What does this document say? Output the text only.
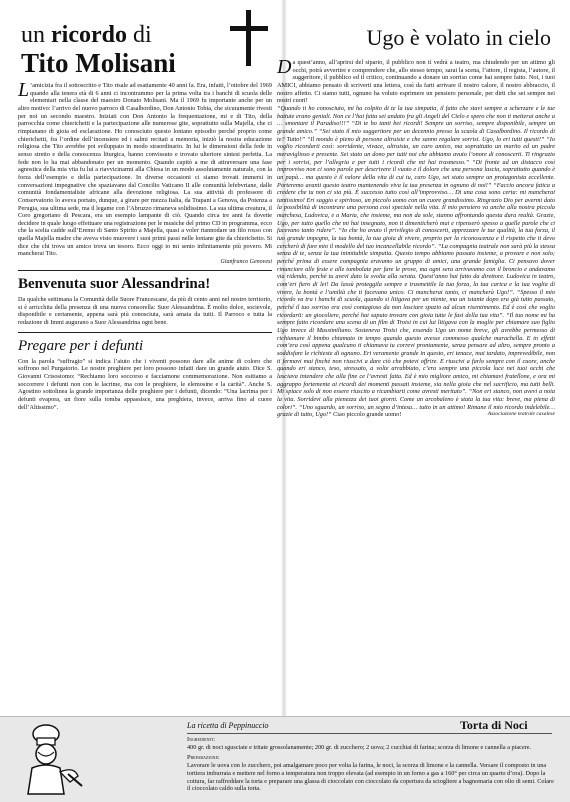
un ricordo di
Tito Molisani

L ’amicizia fra il sottoscritto e Tito risale ad esattamente 40 anni fa. Era, infatti, l’ottobre del 1969 quando alla tenera età di 6 anni ci incontrammo per la prima volta tra i banchi di scuola delle elementari nella classe del maestro Donato Molisani. Ma il 1969 fu importante anche per un altro motivo: l’arrivo del nuovo parroco di Casalbordino, Don Antonio Tobia, che sicuramente rivesti per noi un secondo maestro. Iniziati con Don Antonio la frequentazione, mi e di Tito, della parrocchia come chierichetti e la partecipazione alle numerose gite, soprattutto sulla Majella, che ci rimpianano di gioia ed esclarazione. Ho conosciuto questo lontano episodio perché proprio come chierichetti, fra l’ordine dell’incensiere ed i salmi recitati a memoria, iniziò la nostra educazione religiosa che Tito avrebbe poi sviluppato in modo straordinario. In lui le dimensioni della fede in senso stretto e della conoscenza liturgica, hanno convissuto e trovato ulteriore sintesi perfetta. La fede non lo ha mai abbandonato per un momento. Quando capitò a me di attraversare una fase agnostica della mia vita fu lui a riavvicinarmi alla Chiesa in un modo assolutamente naturale, con la forza dell’esempio e della partecipazione. In diverse occasioni ci siamo trovati immersi in conversazioni impegnative che spaziavano dal Concilio Vaticano II alle comunità lefebvriane, dalle comunità fondamentaliste africane alla devozione religiosa. La sua attività di professore di Conservatorio lo aveva portato, dunque, a girare per mezza Italia, da Trapani a Genova, da Potenza a Perugia, sua ultima sede, ma il legame con l’Abruzzo rimaneva solidissimo. La sua ultima creatura, il Coro gregoriano di Pescara, era un esempio lampante di ciò. Quando circa tre anni fa dovette decidere in quale luogo effettuare una registrazione per le musiche del primo CD in programma, ecco che la scelta cadde sull’Eremo di Santo Spirito a Majella, quasi a voler riannodare un filo rosso con quella Majella madre che aveva visto muovere i suoi primi passi nelle lontane gite da chierichetto. Si dice che chi trova un amico trova un tesoro. Ecco oggi io mi sento infinitamente più povero. Mi mancherai Tito.

Gianfranco Genovesi
Benvenuta suor Alessandrina!

Da qualche settimana la Comunità delle Suore Francescane, da più di cento anni nel nostro territorio, si è arricchita della presenza di una nuova consorella: Suor Alessandrina. È molto dolce, socievole, disponibile e certamente, appena sarà più conosciuta, sarà amata da tutti. Il Parroco e tutta la redazione di Immi augurano a Suor Alessandrina ogni bene.

Pregare per i defunti

Con la parola “suffragio” si indica l’aiuto che i viventi possono dare alle anime di coloro che soffrono nel Purgatorio. Le nostre preghiere per loro possono infatti dare un grande aiuto. Dice S. Giovanni Crisostomo: “Rechiamo loro soccorso e facciamone commemorazione. Non esitiamo a soccorrere i defunti non con le lacrime, ma con le preghiere, le elemosine e la carità”. Anche S. Agostino sottolinea la grande importanza delle preghiere per i defunti, dicendo: “Una lacrima per i defunti evapora, un fiore sulla tomba appassisce, una preghiera, invece, arriva fino al cuore dell’Altissimo”.

Ugo è volato in cielo

Da quest’anno, all’aprirsi del sipario, il pubblico non ti vedrà a teatro, ma chiudendo per un attimo gli occhi, potrà avvertire e comprendere che, allo stesso tempo, sarai la scena, l’attore, il regista, l’autore, il suggeritore, il pubblico ed il critico, continuando a donare un sorriso come hai sempre fatto. Noi, i tuoi AMICI, abbiamo pensato di scriverti una lettera, così da farti arrivare il nostro calore, il nostro abbraccio, il nostro affetto. Ci siamo tutti, ognuno ha voluto esprimere un pensiero personale, per dirti che sei sempre nei nostri cuori!

“Quando ti ho conosciuto, mi ha colpito di te la tua simpatia, il fatto che stavi sempre a scherzare e le tue battute erano geniali. Non ce l’hai fatta sei andato fra gli Angeli del Cielo e spero che non ti metterai anche a … smontare il Paradiso!!!” “Di te ho tanti bei ricordi! Sempre un sorriso, sempre disponibile, sempre un grande amico.” “Sei stato il mio suggeritore per un decennio presso la scuola di Casalbordino. Il ricordo di te? Tutto!” “Il mondo è pieno di persone altruiste e che sanno regalare sorrisi. Ugo, lo eri tutti questi!” “Io voglio ricordarti così: sorridente, vivace, altruista, un caro amico, ma soprattutto un marito ed un padre meraviglioso e presente. Sei stato un dono per tutti noi che abbiamo avuto l’onore di conoscerti. Ti ringrazio per i sorrisi, per l’allegria e per tutti i ricordi che mi hai trasmesso.” “Di fronte ad un distacco così improvviso non ci sono parole per descrivere il vuoto e il dolore che una persona lascia, soprattutto quando è un papà… ma questo è il valore della vita di cui tu, caro Ugo, sei stato sempre un protagonista eccellente. Porteremo avanti questo teatro mantenendo viva la tua presenza in ognuno di noi!” “Faccio ancora fatica a credere che tu non ci sia più. È successo tutto così all’improvviso… Di una cosa sono certa: mi mancherai tantissimo! Eri saggio e spiritoso, un piccolo uomo con un cuore grandissimo. Ringrazio Dio per avermi dato la possibilità di incontrare una persona così speciale nella vita. Il mio pensiero va anche alla nostra piccola marchesa, Ludovica, e a Maria, che insieme, ma non da sole, stanno affrontando questa dura realtà. Grazie, Ugo, per tutto quello che mi hai insegnato, non ti dimenticherò mai e ripenserò spesso a quelle parole che ci facevano tanto ridere”. “Io che ho avuto il privilegio di conoscerti, apprezzare le tue qualità, la tua forza, il tuo grande impegno, la tua bontà, la tua gioia di vivere, proprio per la riconoscenza e il rispetto che ti devo cercherò di fare mio il modello del tuo incancellabile ricordo”. “La compagnia teatrale non sarà più la stessa senza di te, senza la tua inimitabile simpatia. Questo tempo abbiamo passato insieme, a provare e non solo; perché prima di essere compagnia eravamo un gruppo di amici, una grande famiglia. Ci pensavo dover rinunciare alle feste e alle tombolate per fare le prove, ma ogni sera arrivavamo con il broncio e andavamo via ridendo, perché tu avevi dato la svolta alla serata. Quest’anno hai fatto da direttore. Ludovica in teatro, com’eri fiero di lei! Da lassù proteggila sempre e trasmettile la tua forza, la tua carica e la tua voglia di vivere, la bontà e l’umiltà che ti facevano unico. Ci mancherai tanto, ci mancherà Ugo!”. “Spesso il mio ricordo va tra i banchi di scuola, quando si litigava per un niente, ma un istante dopo era già tutto passato, perché il tuo sorriso era così contagioso da non lasciare spazio ad alcun risentimento. Ed è così che voglio ricordarti: un giocoliere, perché hai saputo trovare con gioia tutte le fasi della tua vita”. “Il tuo nome mi ha sempre fatto ricordare una scena di un film di Troisi in cui lui litigava con la moglie per chiamare suo figlio Ugo invece di Massimiliano. Sosteneva Troisi che, essendo Ugo un nome breve, gli avrebbe permesso di richiamare il bimbo chiamato in tempo quando questo avesse commesso qualche marachella. E in effetti com’era così appena qualcuno ti chiamava tu correvi prontamente, senza pensare ad altro, sempre pronto a soddisfare le richieste di ognuno. Eri veramente grande in questo, eri tenace, mai tardato, imprevedibile, non ti fermavi mai finché non riuscivi a dare ciò che potevi offrire. E riuscivi a farlo sempre con il cuore, anche quando eri stanco, teso, stressato, a volte arrabbiato, c’era sempre una piccola luce nei tuoi occhi che lasciava intendere che alla fine ce l’avresti fatta. Ed è mio migliore amico, mi chiamavi fratellone, e ora mi aggrappo fortemente ai ricordi dei momenti passati insieme, sia nella gioia che nel sacrificio, ma tutti belli. Mi spiace solo di non essere riuscito a ricambiarti come avresti meritato”. “Non eri stanco, non avevi a noia la vita. Sorridevi alla pienezza dei tuoi giorni. Come un arcobaleno è stata la tua vita: breve, ma piena di colori”. “Uno sguardo, un sorriso, un segno d’intesa… tutto in un attimo! Rimane il mio ricordo indelebile… grazie di tutto, Ugo!” Ciao piccolo grande uomo!	Associazione teatrale casalese

La ricetta di Peppinuccio	Torta di Noci

Ingredienti:

400 gr. di noci sgusciate e tritate grossolanamente; 200 gr. di zucchero; 2 uova; 2 cucchiai di farina; scorza di limone e cannella a piacere.

Preparazione:

Lavorare le uova con lo zucchero, poi amalgamare poco per volta la farina, le noci, la scorza di limone e la cannella. Versare il composto in una tortiera imburrata e mettere nel forno a temperatura non troppo elevata (ad esempio in un forno a gas a 160° per circa un quarto d’ora). Dopo la cottura, far raffreddare la torta e preparare una glassa di cioccolato con cioccolato da copertura da sciogliere a bagnomaria con olio di semi. Colare il cioccolato caldo sulla torta.
